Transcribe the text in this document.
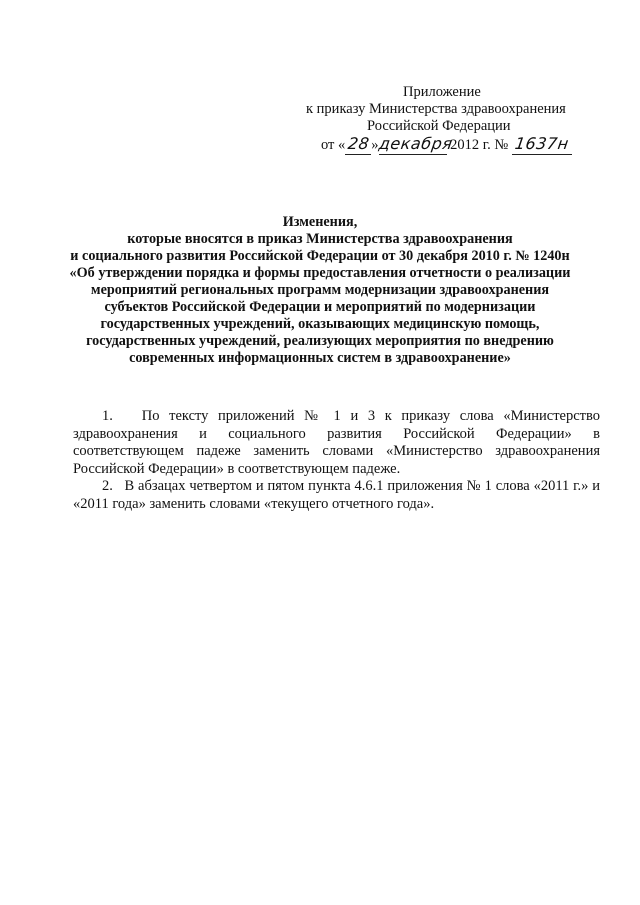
Приложение
к приказу Министерства здравоохранения
Российской Федерации
от «28»декабря 2012 г. № 1637н
Изменения,
которые вносятся в приказ Министерства здравоохранения
и социального развития Российской Федерации от 30 декабря 2010 г. № 1240н
«Об утверждении порядка и формы предоставления отчетности о реализации
мероприятий региональных программ модернизации здравоохранения
субъектов Российской Федерации и мероприятий по модернизации
государственных учреждений, оказывающих медицинскую помощь,
государственных учреждений, реализующих мероприятия по внедрению
современных информационных систем в здравоохранение»

1. По тексту приложений № 1 и 3 к приказу слова «Министерство здравоохранения и социального развития Российской Федерации» в соответствующем падеже заменить словами «Министерство здравоохранения Российской Федерации» в соответствующем падеже.

2. В абзацах четвертом и пятом пункта 4.6.1 приложения № 1 слова «2011 г.» и «2011 года» заменить словами «текущего отчетного года».
